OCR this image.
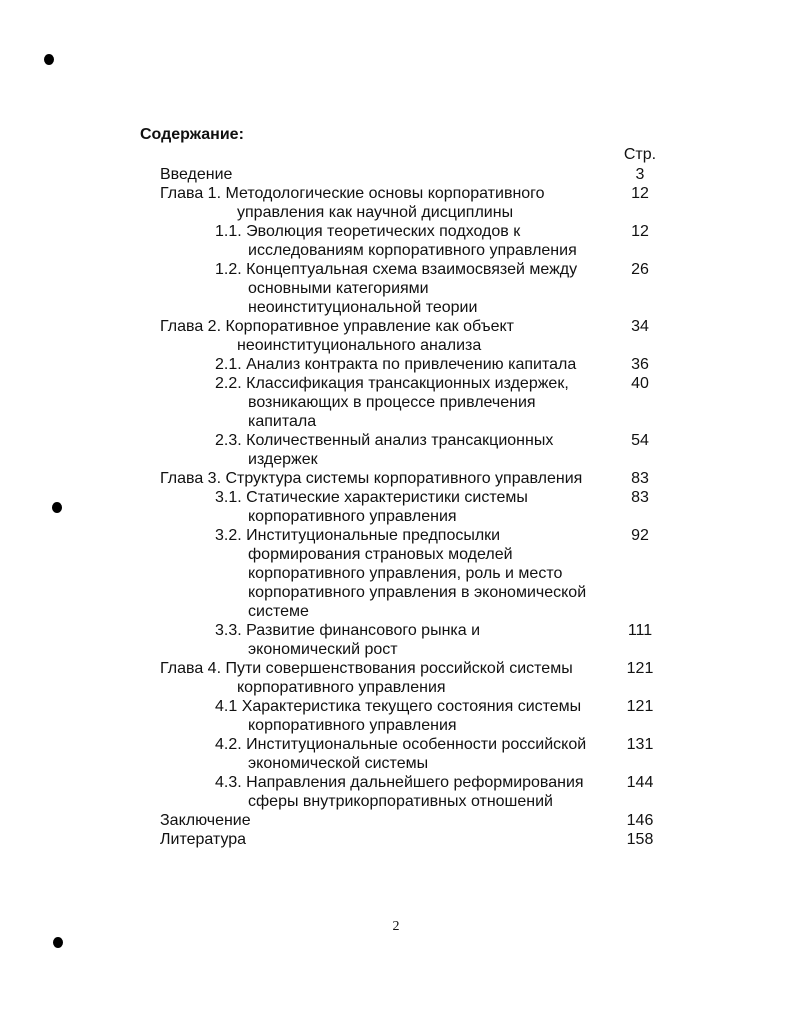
Содержание:
Стр.
Введение	3
Глава 1. Методологические основы корпоративного	12
управления как научной дисциплины
1.1. Эволюция теоретических подходов к	12
исследованиям корпоративного управления
1.2. Концептуальная схема взаимосвязей между	26
основными категориями
неоинституциональной теории
Глава 2. Корпоративное управление как объект	34
неоинституционального анализа
2.1. Анализ контракта по привлечению капитала	36
2.2. Классификация трансакционных издержек,	40
возникающих в процессе привлечения
капитала
2.3. Количественный анализ трансакционных	54
издержек
Глава 3. Структура системы корпоративного управления	83
3.1. Статические характеристики системы	83
корпоративного управления
3.2. Институциональные предпосылки	92
формирования страновых моделей
корпоративного управления, роль и место
корпоративного управления в экономической
системе
3.3. Развитие финансового рынка и	111
экономический рост
Глава 4. Пути совершенствования российской системы	121
корпоративного управления
4.1 Характеристика текущего состояния системы	121
корпоративного управления
4.2. Институциональные особенности российской	131
экономической системы
4.3. Направления дальнейшего реформирования	144
сферы внутрикорпоративных отношений
Заключение	146
Литература	158
2
